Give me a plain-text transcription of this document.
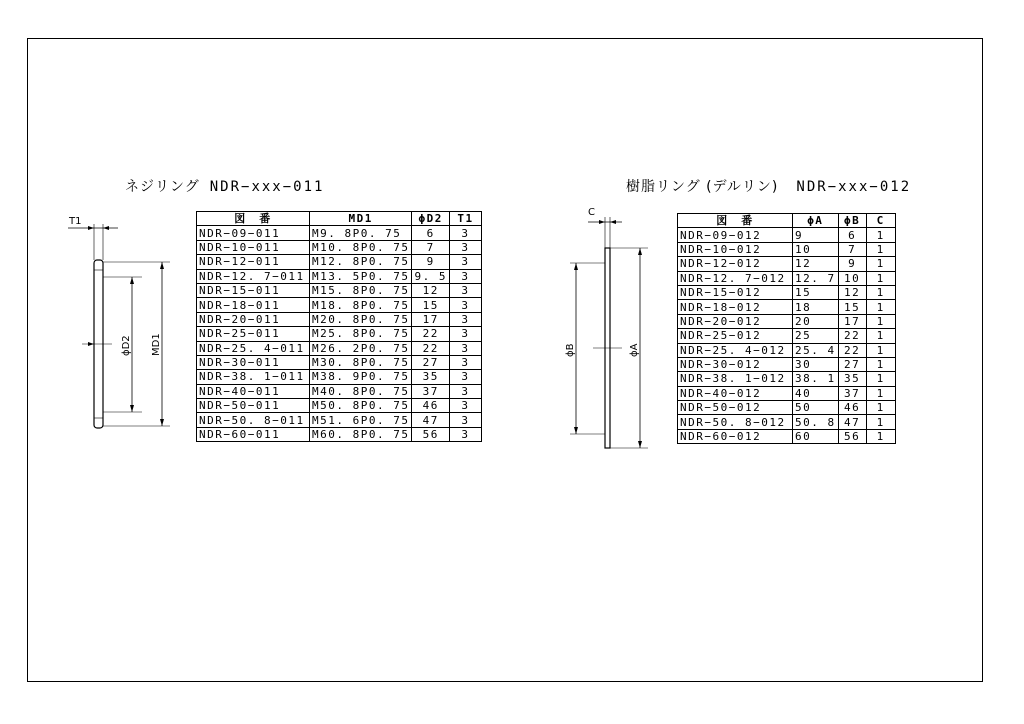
ネジリング NDR−xxx−011
T1
ϕD2 MD1
図　番	MD1	ϕD2	T1
NDR−09−011	M9. 8P0. 75	6	3
NDR−10−011	M10. 8P0. 75	7	3
NDR−12−011	M12. 8P0. 75	9	3
NDR−12. 7−011	M13. 5P0. 75	9. 5	3
NDR−15−011	M15. 8P0. 75	12	3
NDR−18−011	M18. 8P0. 75	15	3
NDR−20−011	M20. 8P0. 75	17	3
NDR−25−011	M25. 8P0. 75	22	3
NDR−25. 4−011	M26. 2P0. 75	22	3
NDR−30−011	M30. 8P0. 75	27	3
NDR−38. 1−011	M38. 9P0. 75	35	3
NDR−40−011	M40. 8P0. 75	37	3
NDR−50−011	M50. 8P0. 75	46	3
NDR−50. 8−011	M51. 6P0. 75	47	3
NDR−60−011	M60. 8P0. 75	56	3
樹脂リング (デルリン) NDR−xxx−012
C
ϕB	ϕA
図　番	ϕA	ϕB	C
NDR−09−012	9	6	1
NDR−10−012	10	7	1
NDR−12−012	12	9	1
NDR−12. 7−012	12. 7	10	1
NDR−15−012	15	12	1
NDR−18−012	18	15	1
NDR−20−012	20	17	1
NDR−25−012	25	22	1
NDR−25. 4−012	25. 4	22	1
NDR−30−012	30	27	1
NDR−38. 1−012	38. 1	35	1
NDR−40−012	40	37	1
NDR−50−012	50	46	1
NDR−50. 8−012	50. 8	47	1
NDR−60−012	60	56	1
